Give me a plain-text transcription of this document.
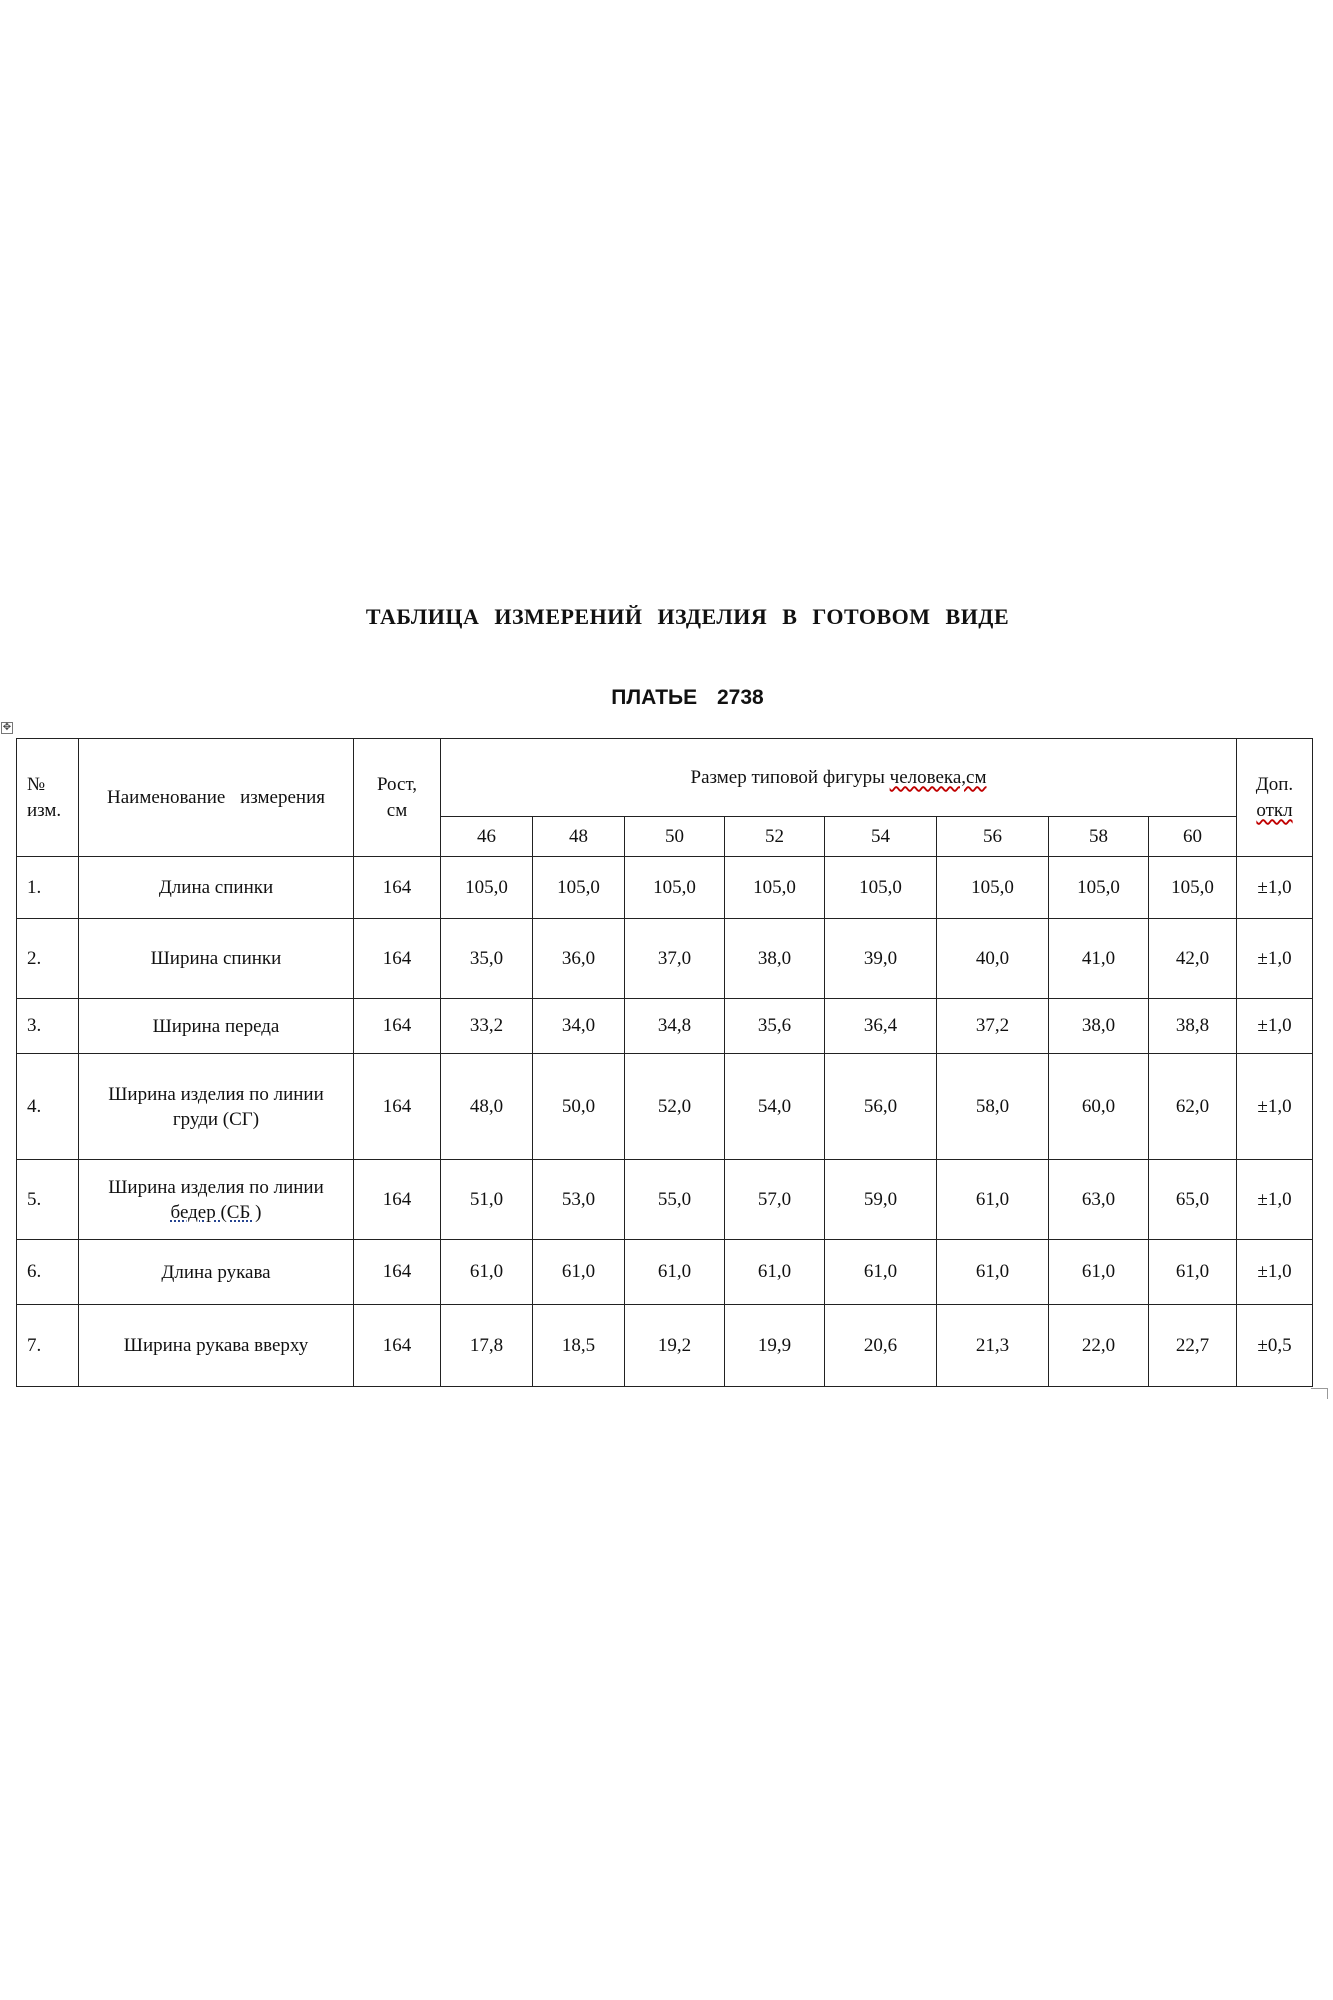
ТАБЛИЦА ИЗМЕРЕНИЙ ИЗДЕЛИЯ В ГОТОВОМ ВИДЕ
ПЛАТЬЕ 2738
✥
№
изм.	Наименование измерения	Рост,
см	Размер типовой фигуры человека,см								Доп.
откл
			46	48	50	52	54	56	58	60	
1.	Длина спинки	164	105,0	105,0	105,0	105,0	105,0	105,0	105,0	105,0	±1,0
2.	Ширина спинки	164	35,0	36,0	37,0	38,0	39,0	40,0	41,0	42,0	±1,0
3.	Ширина переда	164	33,2	34,0	34,8	35,6	36,4	37,2	38,0	38,8	±1,0
4.	Ширина изделия по линии
груди (СГ)	164	48,0	50,0	52,0	54,0	56,0	58,0	60,0	62,0	±1,0
5.	Ширина изделия по линии
бедер (СБ )	164	51,0	53,0	55,0	57,0	59,0	61,0	63,0	65,0	±1,0
6.	Длина рукава	164	61,0	61,0	61,0	61,0	61,0	61,0	61,0	61,0	±1,0
7.	Ширина рукава вверху	164	17,8	18,5	19,2	19,9	20,6	21,3	22,0	22,7	±0,5
